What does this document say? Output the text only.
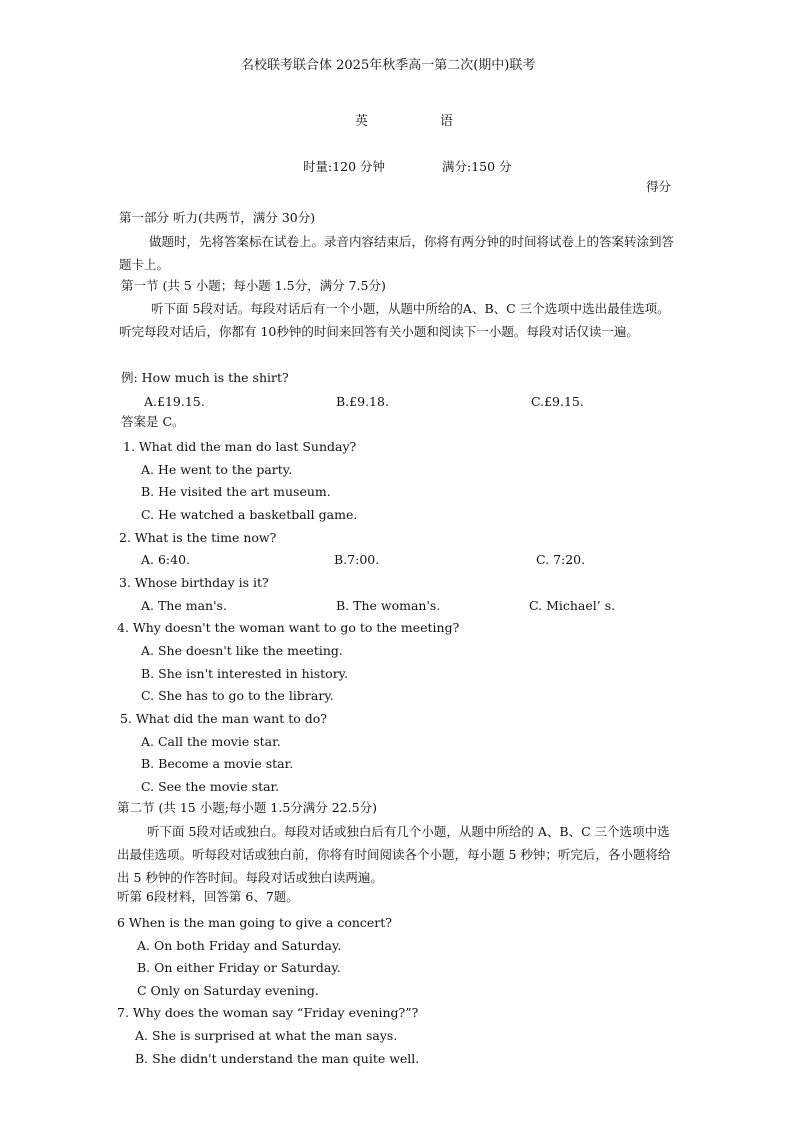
名校联考联合体 2025年秋季高一第二次(期中)联考
英	语
时量:120 分钟	满分:150 分
得分
第一部分 听力(共两节，满分 30分)
做题时，先将答案标在试卷上。录音内容结束后，你将有两分钟的时间将试卷上的答案转涂到答题卡上。
第一节 (共 5 小题；每小题 1.5分，满分 7.5分)
听下面 5段对话。每段对话后有一个小题，从题中所给的A、B、C 三个选项中选出最佳选项。听完每段对话后，你都有 10秒钟的时间来回答有关小题和阅读下一小题。每段对话仅读一遍。
例: How much is the shirt?
A.£19.15.	B.£9.18.	C.£9.15.
答案是 C。
1. What did the man do last Sunday?
A. He went to the party.
B. He visited the art museum.
C. He watched a basketball game.
2. What is the time now?
A. 6:40.	B.7:00.	C. 7:20.
3. Whose birthday is it?
A. The man's.	B. The woman's.	C. Michael’ s.
4. Why doesn't the woman want to go to the meeting?
A. She doesn't like the meeting.
B. She isn't interested in history.
C. She has to go to the library.
5. What did the man want to do?
A. Call the movie star.
B. Become a movie star.
C. See the movie star.
第二节 (共 15 小题;每小题 1.5分满分 22.5分)
听下面 5段对话或独白。每段对话或独白后有几个小题，从题中所给的 A、B、C 三个选项中选出最佳选项。听每段对话或独白前，你将有时间阅读各个小题，每小题 5 秒钟；听完后，各小题将给出 5 秒钟的作答时间。每段对话或独白读两遍。
听第 6段材料，回答第 6、7题。
6 When is the man going to give a concert?
A. On both Friday and Saturday.
B. On either Friday or Saturday.
C Only on Saturday evening.
7. Why does the woman say “Friday evening?”?
A. She is surprised at what the man says.
B. She didn't understand the man quite well.
